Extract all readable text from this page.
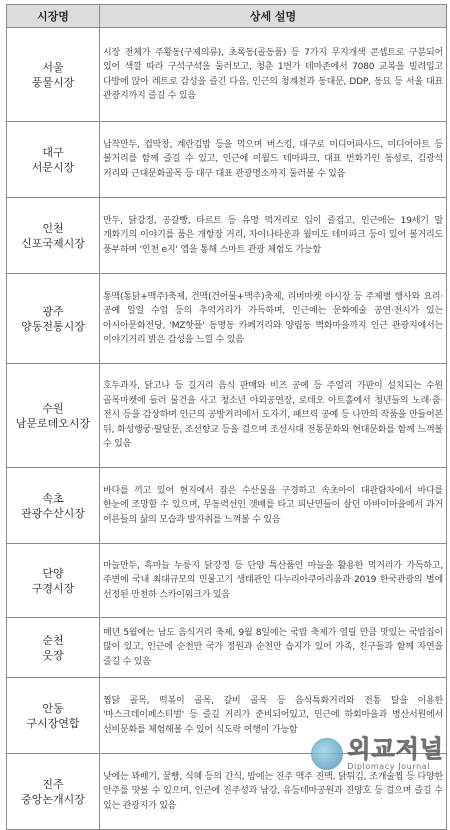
시장명	상세 설명

서울
풍물시장	시장 전체가 주황동(구제의류), 초록동(골동품) 등 7가지 무지개색 콘셉트로 구분되어 있어 색깔 따라 구석구석을 둘러보고, 청춘 1번가 테마존에서 7080 교복을 빌려입고 다방에 앉아 레트로 감성을 즐긴 다음, 인근의 청계천과 동대문, DDP, 동묘 등 서울 대표 관광지까지 즐길 수 있음

대구
서문시장	납작만두, 컵막창, 계란김밥 등을 먹으며 버스킹, 대구로 미디어파사드, 미디어아트 등 볼거리를 함께 즐길 수 있고, 인근에 이월드 테마파크, 대표 번화가인 동성로, 김광석 거리와 근대문화골목 등 대구 대표 관광명소까지 둘러볼 수 있음

인천
신포국제시장	만두, 닭강정, 공갈빵, 타르트 등 유명 먹거리로 입이 즐겁고, 인근에는 19세기 말 개화기의 이야기를 품은 개항장 거리, 차이나타운과 월미도 테마파크 등이 있어 볼거리도 풍부하며 '인천 e지' 앱을 통해 스마트 관광 체험도 가능함

광주
양동전통시장	통맥(통닭+맥주)축제, 건맥(건어물+맥주)축제, 리버마켓 야시장 등 주제별 행사와 요리·공예 일일 수업 등의 추억거리가 가득하며, 인근에는 문화예술 공연·전시가 있는 아시아문화전당, 'MZ핫플' 동명동 카페거리와 양림동 벽화마을까지 인근 관광지에서는 이야기거리 밝은 감성을 느낄 수 있음

수원
남문로데오시장	호두과자, 닭고나 등 길거리 음식 판매와 비즈 공예 등 주얼리 가판이 설치되는 수원 골목마켓에 들러 물건을 사고 청소년 야외공연장, 로데오 아트홀에서 청년들의 노래·춤·전시 등을 감상하며 인근의 공방거리에서 도자기, 패브릭 공예 등 나만의 작품을 만들어본 뒤, 화성행궁·팔달문, 조선향교 등을 걸으며 조선시대 전통문화와 현대문화를 함께 느껴볼 수 있음

속초
관광수산시장	바다를 끼고 있어 현지에서 잡은 수산물을 구경하고 속초아이 대관람차에서 바다를 한눈에 조망할 수 있으며, 무동력선인 갯배를 타고 피난민들이 살던 아바이마을에서 과거 어른들의 삶의 모습과 발자취를 느껴볼 수 있음

단양
구경시장	마늘만두, 흑마늘 누룽지 닭강정 등 단양 특산품인 마늘을 활용한 먹거리가 가득하고, 주변에 국내 최대규모의 민물고기 생태관인 다누리아쿠아리움과 2019 한국관광의 별에 선정된 만천하 스카이워크가 있음

순천
웃장	매년 5월에는 남도 음식거리 축제, 9월 8일에는 국밥 축제가 열릴 만큼 맛있는 국밥집이 많이 있고, 인근에 순천만 국가 정원과 순천만 습지가 있어 가족, 친구들과 함께 자연을 즐길 수 있음

안동
구시장연합	찜닭 골목, 떡볶이 골목, 갈비 골목 등 음식특화거리와 전통 탈을 이용한 '마스크데이페스티벌' 등 즐길 거리가 준비되어있고, 인근에 하회마을과 병산서원에서 선비문화를 체험해볼 수 있어 식도락 여행이 가능함

진주
중앙논개시장	낮에는 꽈배기, 꿀빵, 식혜 등의 간식, 밤에는 진주 맥주 진맥, 닭튀김, 조개술찜 등 다양한 안주를 맛볼 수 있으며, 인근에 진주성과 남강, 유등테마공원과 진양호 등 걸으며 즐길 수 있는 관광지가 있음
외교저널
Diplomacy Journal
